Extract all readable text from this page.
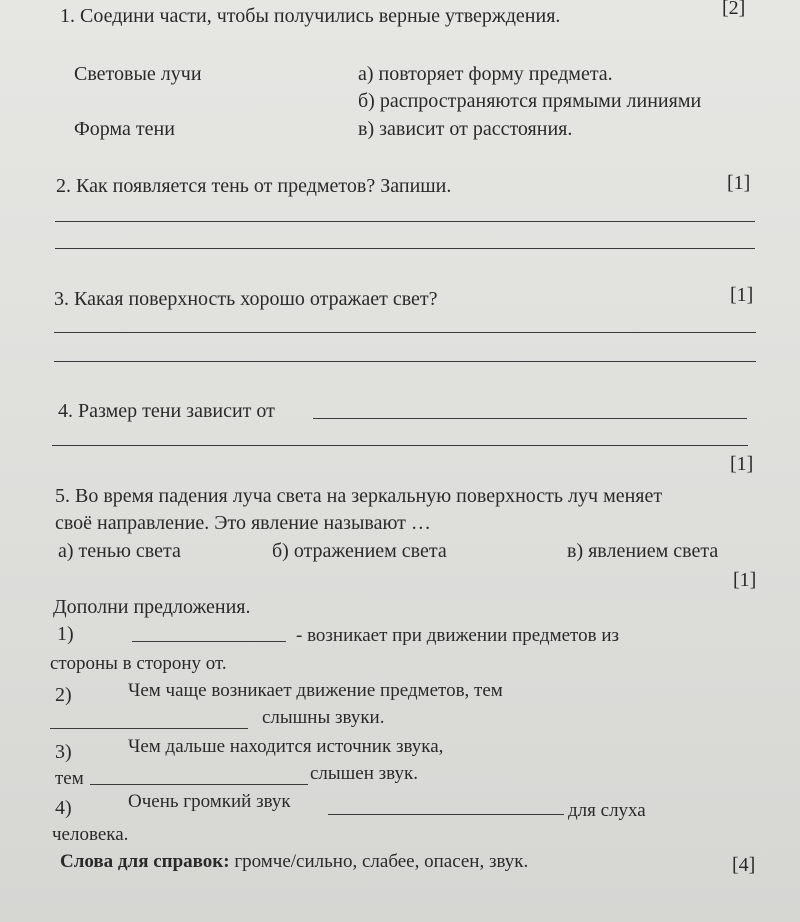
1. Соедини части, чтобы получились верные утверждения.	[2]
Световые лучи	а) повторяет форму предмета.
б) распространяются прямыми линиями
Форма тени	в) зависит от расстояния.
2. Как появляется тень от предметов? Запиши.	[1]
3. Какая поверхность хорошо отражает свет?	[1]
4. Размер тени зависит от
[1]
5. Во время падения луча света на зеркальную поверхность луч меняет
своё направление. Это явление называют …
а) тенью света	б) отражением света	в) явлением света
[1]
Дополни предложения.
1)	- возникает при движении предметов из
стороны в сторону от.
2)	Чем чаще возникает движение предметов, тем
слышны звуки.
3)	Чем дальше находится источник звука,
тем	слышен звук.
4)	Очень громкий звук	для слуха
человека.
Слова для справок: громче/сильно, слабее, опасен, звук.	[4]
